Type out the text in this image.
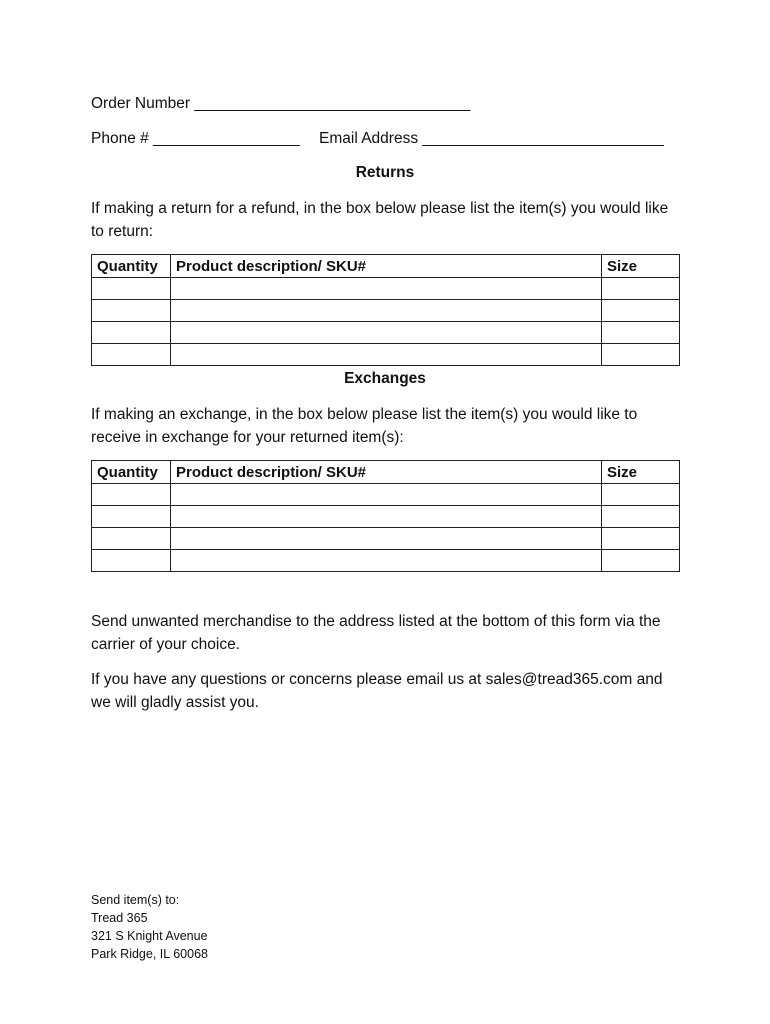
Order Number ________________________________
Phone # _________________ Email Address ____________________________
Returns
If making a return for a refund, in the box below please list the item(s) you would like to return:
Quantity	Product description/ SKU#	Size

Exchanges
If making an exchange, in the box below please list the item(s) you would like to receive in exchange for your returned item(s):
Quantity	Product description/ SKU#	Size

Send unwanted merchandise to the address listed at the bottom of this form via the carrier of your choice.
If you have any questions or concerns please email us at sales@tread365.com and we will gladly assist you.
Send item(s) to:
Tread 365
321 S Knight Avenue
Park Ridge, IL 60068
